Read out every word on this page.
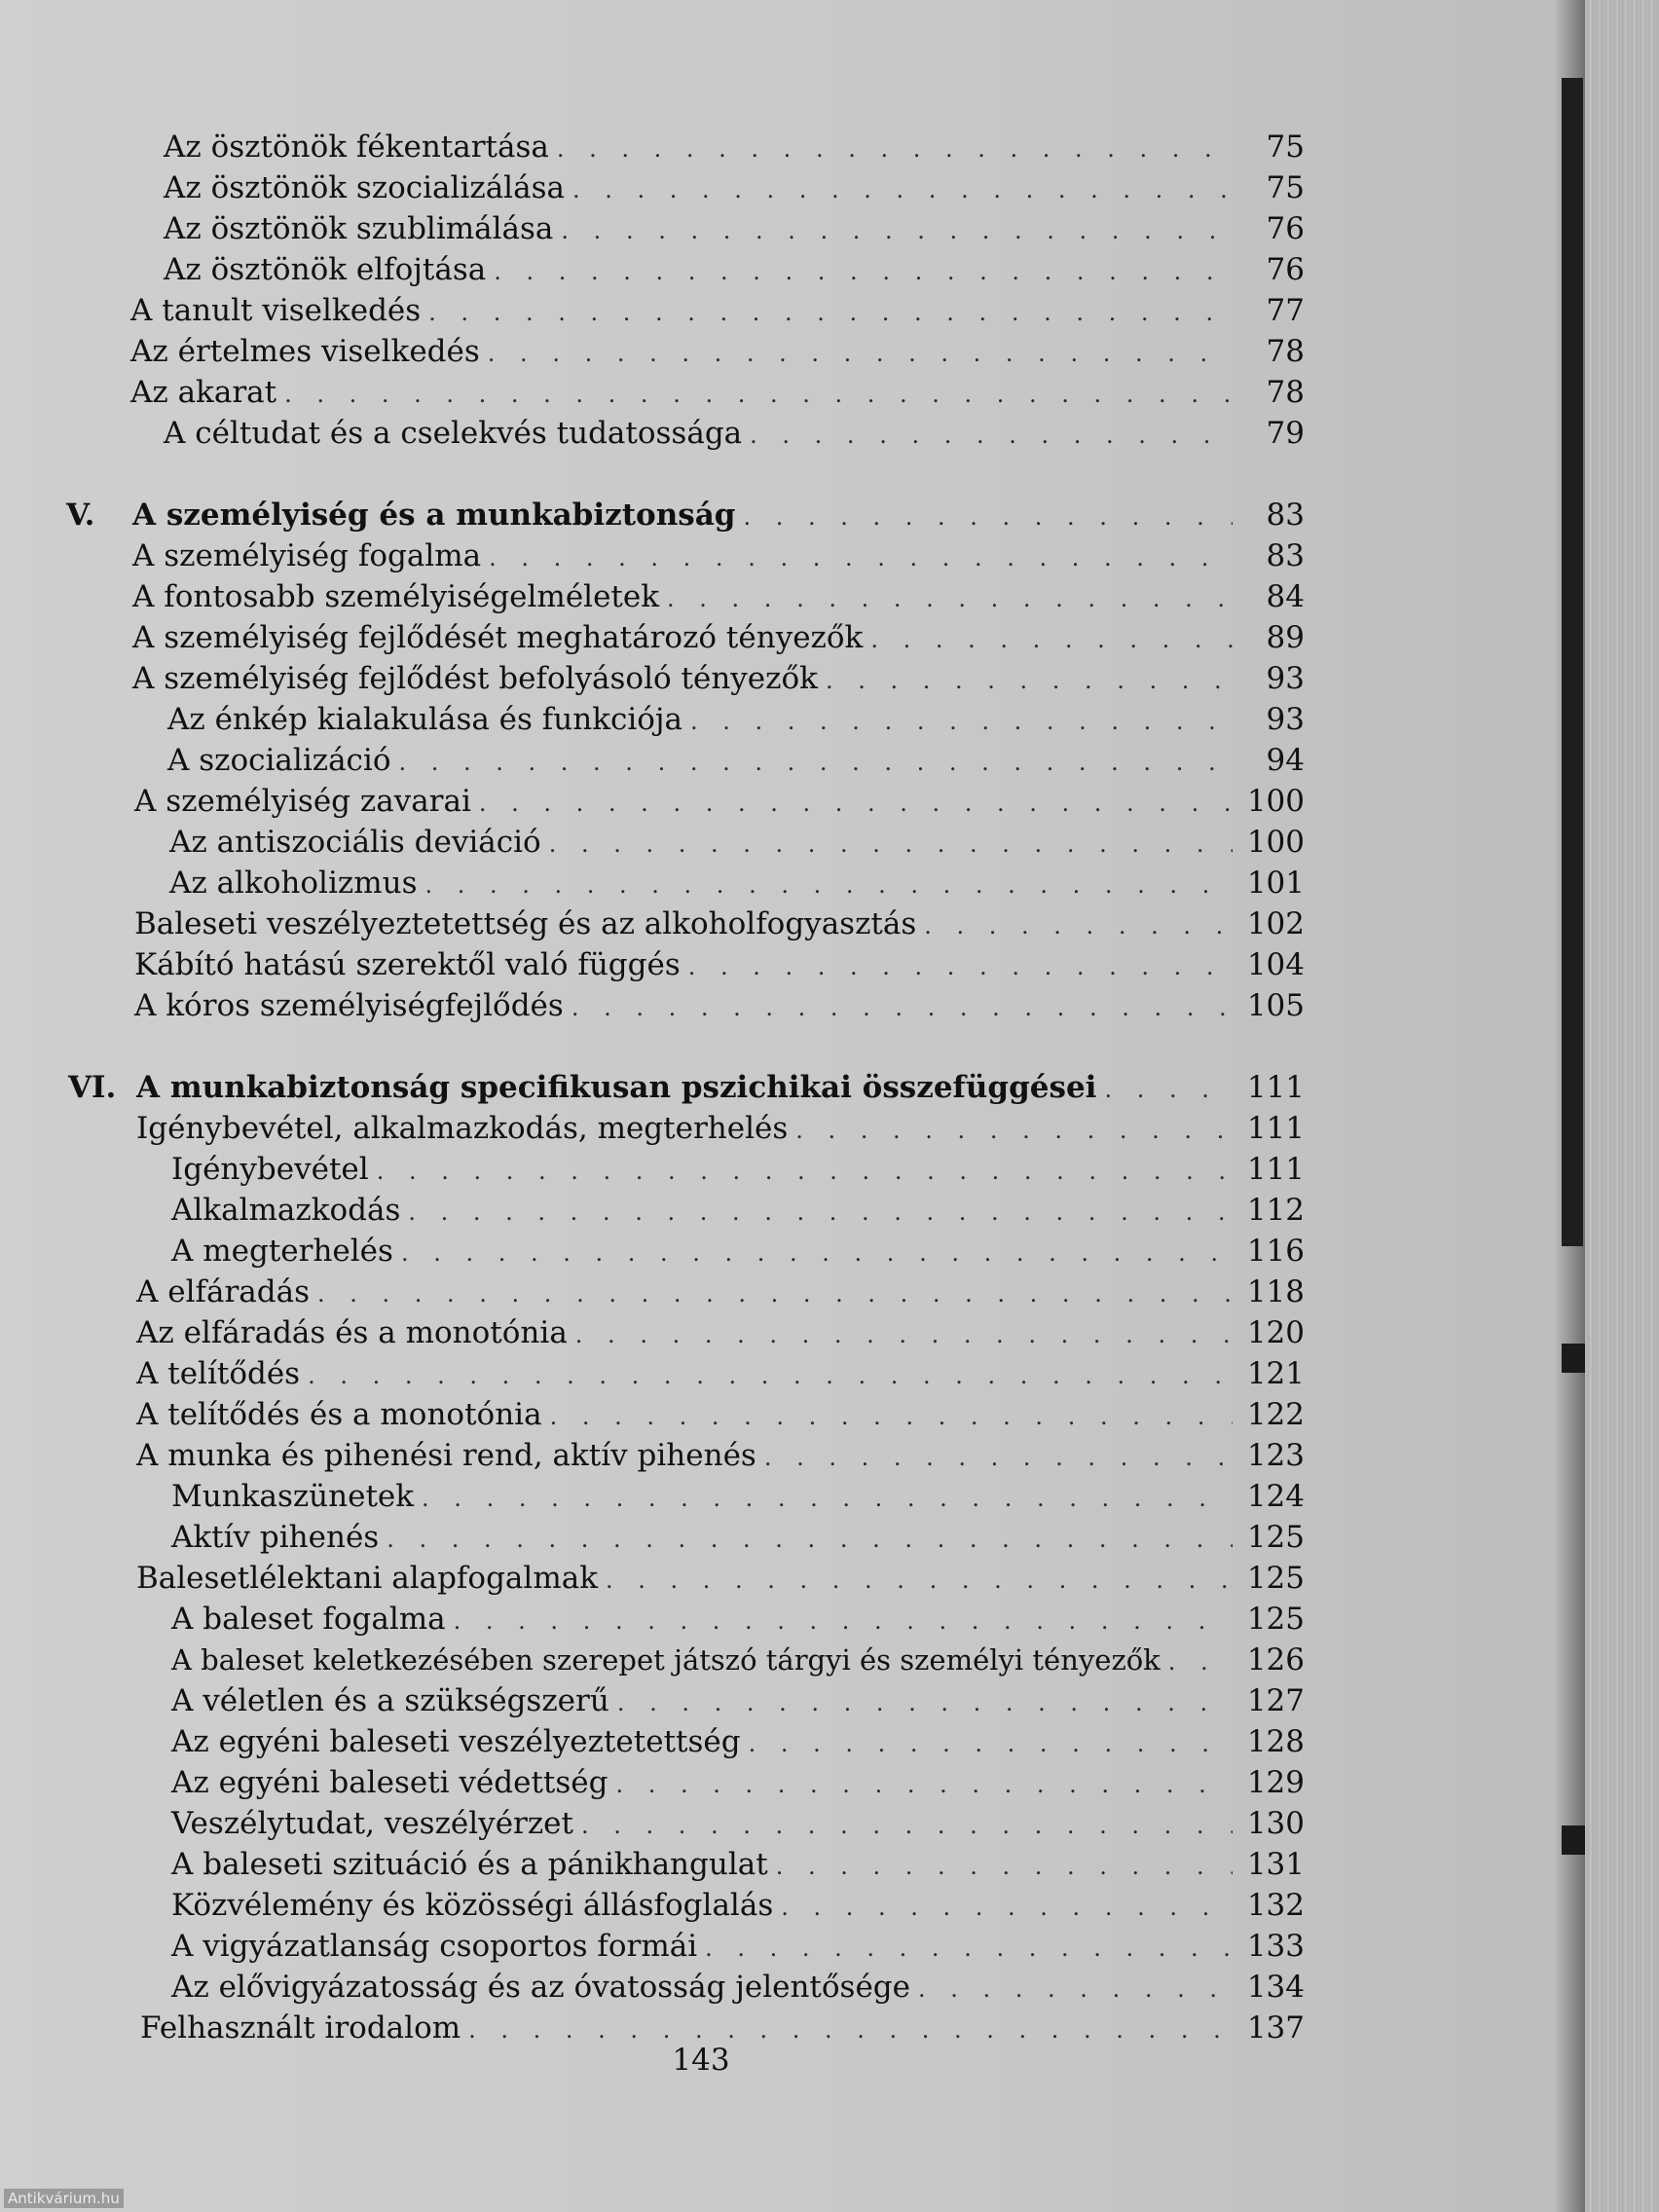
Az ösztönök fékentartása . . .	75
Az ösztönök szocializálása . . .	75
Az ösztönök szublimálása . . .	76
Az ösztönök elfojtása . . .	76
A tanult viselkedés . . .	77
Az értelmes viselkedés . . .	78
Az akarat . . .	78
A céltudat és a cselekvés tudatossága . . .	79
V. A személyiség és a munkabiztonság . . .	83
A személyiség fogalma . . .	83
A fontosabb személyiségelméletek . . .	84
A személyiség fejlődését meghatározó tényezők . . .	89
A személyiség fejlődést befolyásoló tényezők . . .	93
Az énkép kialakulása és funkciója . . .	93
A szocializáció . . .	94
A személyiség zavarai . . .	100
Az antiszociális deviáció . . .	100
Az alkoholizmus . . .	101
Baleseti veszélyeztetettség és az alkoholfogyasztás . . .	102
Kábító hatású szerektől való függés . . .	104
A kóros személyiségfejlődés . . .	105
VI. A munkabiztonság specifikusan pszichikai összefüggései . . .	111
Igénybevétel, alkalmazkodás, megterhelés . . .	111
Igénybevétel . . .	111
Alkalmazkodás . . .	112
A megterhelés . . .	116
A elfáradás . . .	118
Az elfáradás és a monotónia . . .	120
A telítődés . . .	121
A telítődés és a monotónia . . .	122
A munka és pihenési rend, aktív pihenés . . .	123
Munkaszünetek . . .	124
Aktív pihenés . . .	125
Balesetlélektani alapfogalmak . . .	125
A baleset fogalma . . .	125
A baleset keletkezésében szerepet játszó tárgyi és személyi tényezők . . .	126
A véletlen és a szükségszerű . . .	127
Az egyéni baleseti veszélyeztetettség . . .	128
Az egyéni baleseti védettség . . .	129
Veszélytudat, veszélyérzet . . .	130
A baleseti szituáció és a pánikhangulat . . .	131
Közvélemény és közösségi állásfoglalás . . .	132
A vigyázatlanság csoportos formái . . .	133
Az elővigyázatosság és az óvatosság jelentősége . . .	134
Felhasznált irodalom . . .	137
143
Antikvárium.hu
